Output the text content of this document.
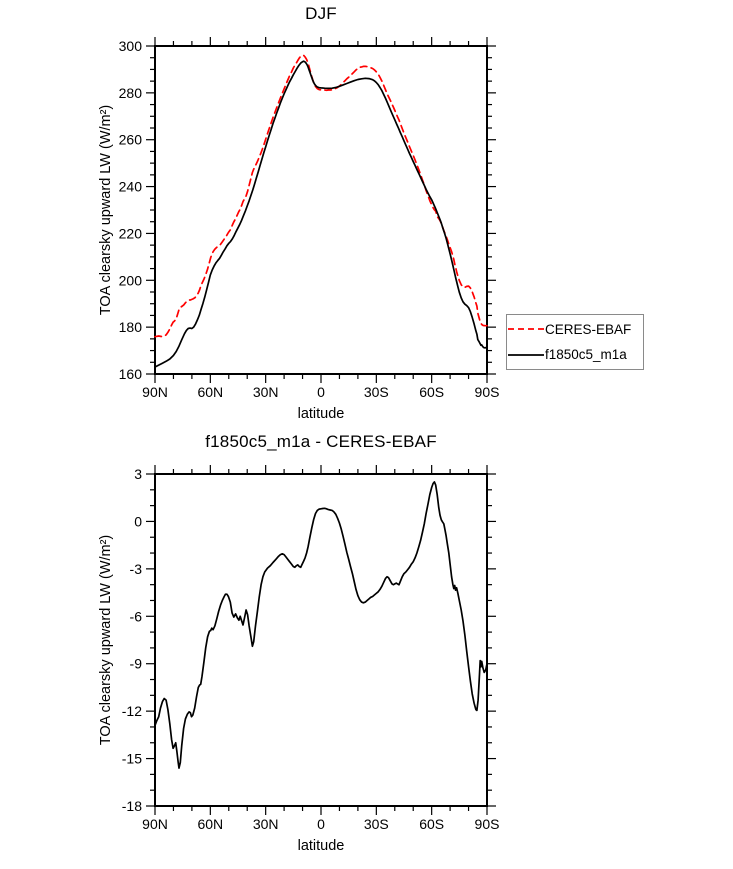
90N 60N 30N	0	30S 60S 90S
160
180
200
220
240
260
280
300
90N 60N 30N	0	30S 60S 90S
-18
-15
-12
-9
-6
-3
0
3
DJF
TOA clearsky upward LW (W/m²)
latitude
CERES-EBAF
f1850c5_m1a
f1850c5_m1a - CERES-EBAF
TOA clearsky upward LW (W/m²)
latitude
